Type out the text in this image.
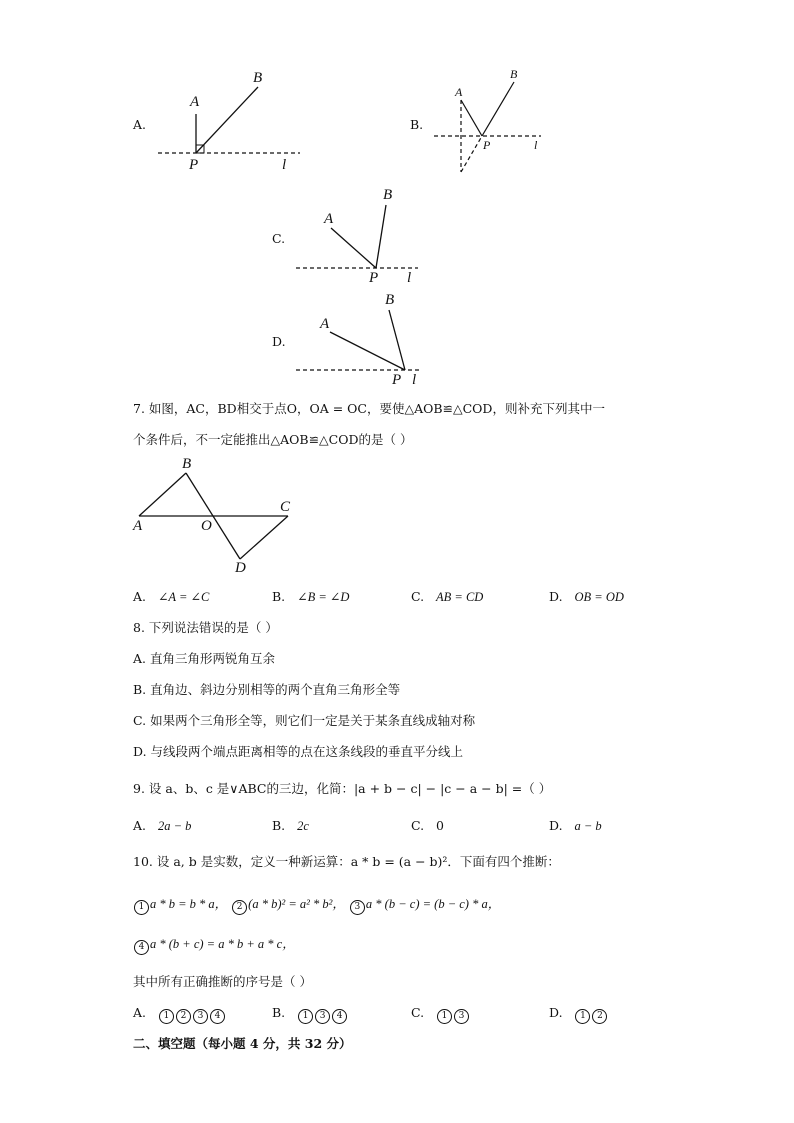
A.	B.
C.
D.
A
B
P	l
A
B
P	l
A
B
P l
A
B
P l
7. 如图，AC，BD相交于点O，OA = OC，要使△AOB≌△COD，则补充下列其中一
个条件后，不一定能推出△AOB≌△COD的是（ ）
B
A	O
C
D
A. ∠A = ∠C	B. ∠B = ∠D	C. AB = CD	D. OB = OD
8. 下列说法错误的是（ ）
A. 直角三角形两锐角互余
B. 直角边、斜边分别相等的两个直角三角形全等
C. 如果两个三角形全等，则它们一定是关于某条直线成轴对称
D. 与线段两个端点距离相等的点在这条线段的垂直平分线上
9. 设 a、b、c 是∨ABC的三边，化简：|a + b − c| − |c − a − b| =（ ）
A. 2a − b	B. 2c	C. 0	D. a − b
10. 设 a, b 是实数，定义一种新运算：a * b = (a − b)²．下面有四个推断：
1 a * b = b * a， 2 (a * b)² = a² * b²， 3 a * (b − c) = (b − c) * a，
4 a * (b + c) = a * b + a * c，
其中所有正确推断的序号是（ ）
A. 1 2 3 4	B. 1 3 4	C. 1 3	D. 1 2
二、填空题（每小题 4 分，共 32 分）
